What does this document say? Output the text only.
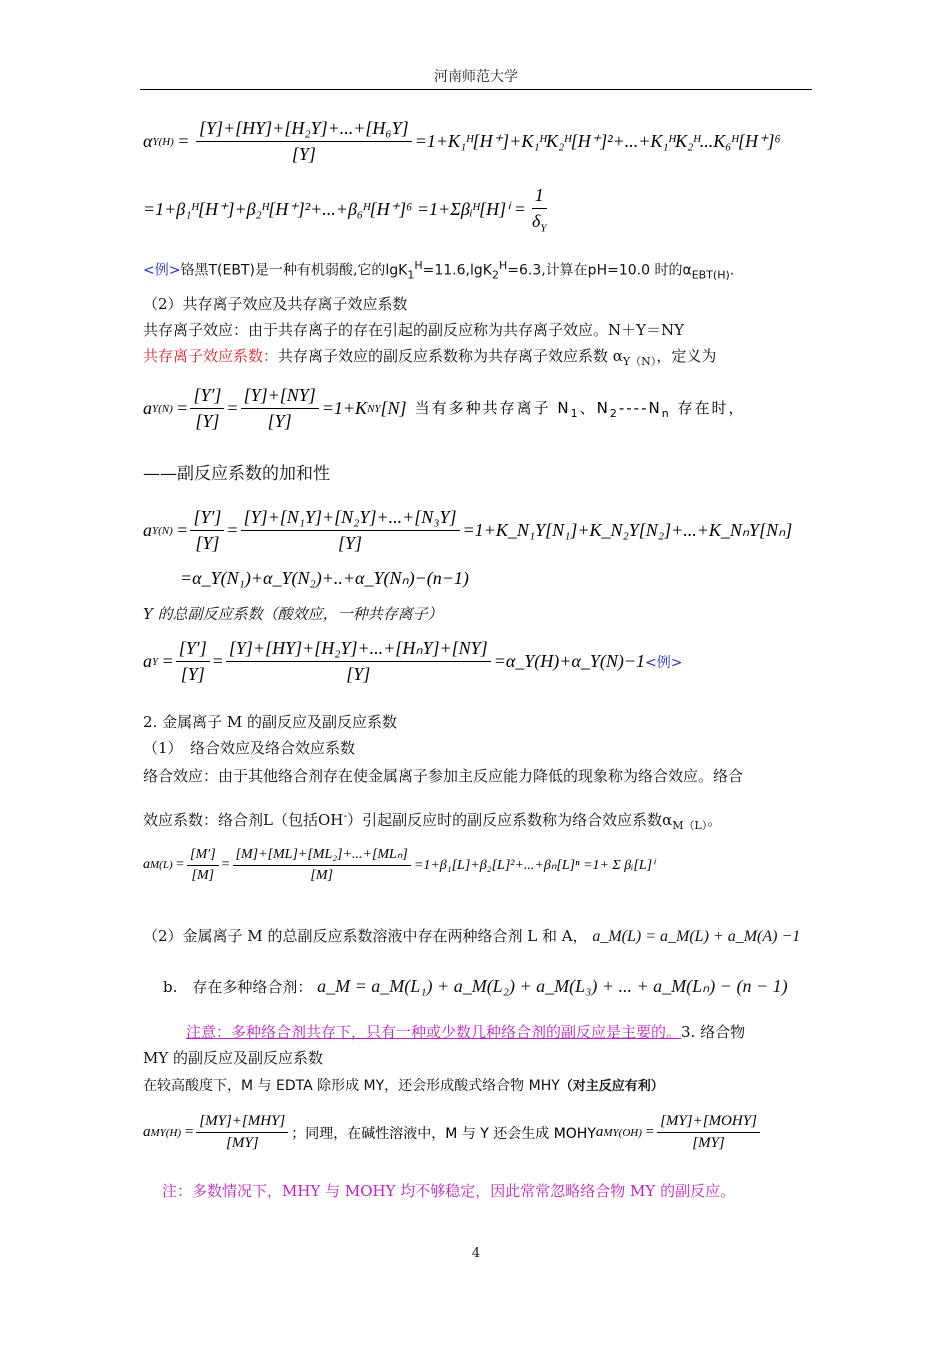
河南师范大学
α $Y(H) = \frac{\text{[Y]+[HY]+[H₂Y]+...+[H₆Y]}}{[Y]}$ =1+K₁ᴴ[H⁺]+K₁ᴴK₂ᴴ[H⁺]²+...+K₁ᴴK₂ᴴ...K₆ᴴ[H⁺]⁶
=1+β₁ᴴ[H⁺]+β₂ᴴ[H⁺]²+...+β₆ᴴ[H⁺]⁶ =1+Σβᵢᴴ[H]ⁱ = $\frac{1}{\delta_Y}$
<例>铬黑T(EBT)是一种有机弱酸,它的lgK$_1^H$=11.6,lgK$_2^H$=6.3,计算在pH=10.0 时的$\alpha_{EBT(H)}$.
（2）共存离子效应及共存离子效应系数
共存离子效应：由于共存离子的存在引起的副反应称为共存离子效应。N＋Y＝NY
共存离子效应系数：共存离子效应的副反应系数称为共存离子效应系数 $\alpha_{Y(N)}$，定义为
a $Y(N) = \frac{[Y']}{[Y]} = \frac{[Y]+[NY]}{[Y]} =1+K$ NY [N] 当有多种共存离子 $N_1$、$N_2----N_n$ 存在时，
——副反应系数的加和性
a $Y(N) = \frac{[Y']}{[Y]} = \frac{\text{[Y]+[N₁Y]+[N₂Y]+...+[N₃Y]}}{[Y]}$ =1+K_N₁Y[N₁]+K_N₂Y[N₂]+...+K_NₙY[Nₙ]
=α_Y(N₁)+α_Y(N₂)+..+α_Y(Nₙ)−(n−1)
Y 的总副反应系数（酸效应，一种共存离子）
a $Y = \frac{[Y']}{[Y]} = \frac{\text{[Y]+[HY]+[H₂Y]+...+[HₙY]+[NY]}}{[Y]}$ =α_Y(H)+α_Y(N)−1 <例>
2. 金属离子 M 的副反应及副反应系数
（1）　络合效应及络合效应系数
络合效应：由于其他络合剂存在使金属离子参加主反应能力降低的现象称为络合效应。络合
效应系数：络合剂L（包括OH-）引起副反应时的副反应系数称为络合效应系数$\alpha_{M(L)}$。
a $M(L) = \frac{[M']}{[M]} = \frac{\text{[M]+[ML]+[ML₂]+...+[MLₙ]}}{[M]} =1+\beta_1[L]+\beta_2[L]^2+...+\beta_n[L]^n =1+ \Sigma$ βᵢ[L]ⁱ
（2）金属离子 M 的总副反应系数溶液中存在两种络合剂 L 和 A， a_M(L) = a_M(L) + a_M(A) −1
b.　存在多种络合剂： a_M = a_M(L₁) + a_M(L₂) + a_M(L₃) + ... + a_M(Lₙ) − (n − 1)
注意：多种络合剂共存下，只有一种或少数几种络合剂的副反应是主要的。3. 络合物
MY 的副反应及副反应系数
在较高酸度下，M 与 EDTA 除形成 MY，还会形成酸式络合物 MHY（对主反应有利）
a $MY(H) = \frac{\text{[MY]+[MHY]}}{[MY]}$ ；同理，在碱性溶液中，M 与 Y 还会生成 MOHY a $MY(OH) = \frac{\text{[MY]+[MOHY]}}{[MY]}$
注：多数情况下，MHY 与 MOHY 均不够稳定，因此常常忽略络合物 MY 的副反应。
4
